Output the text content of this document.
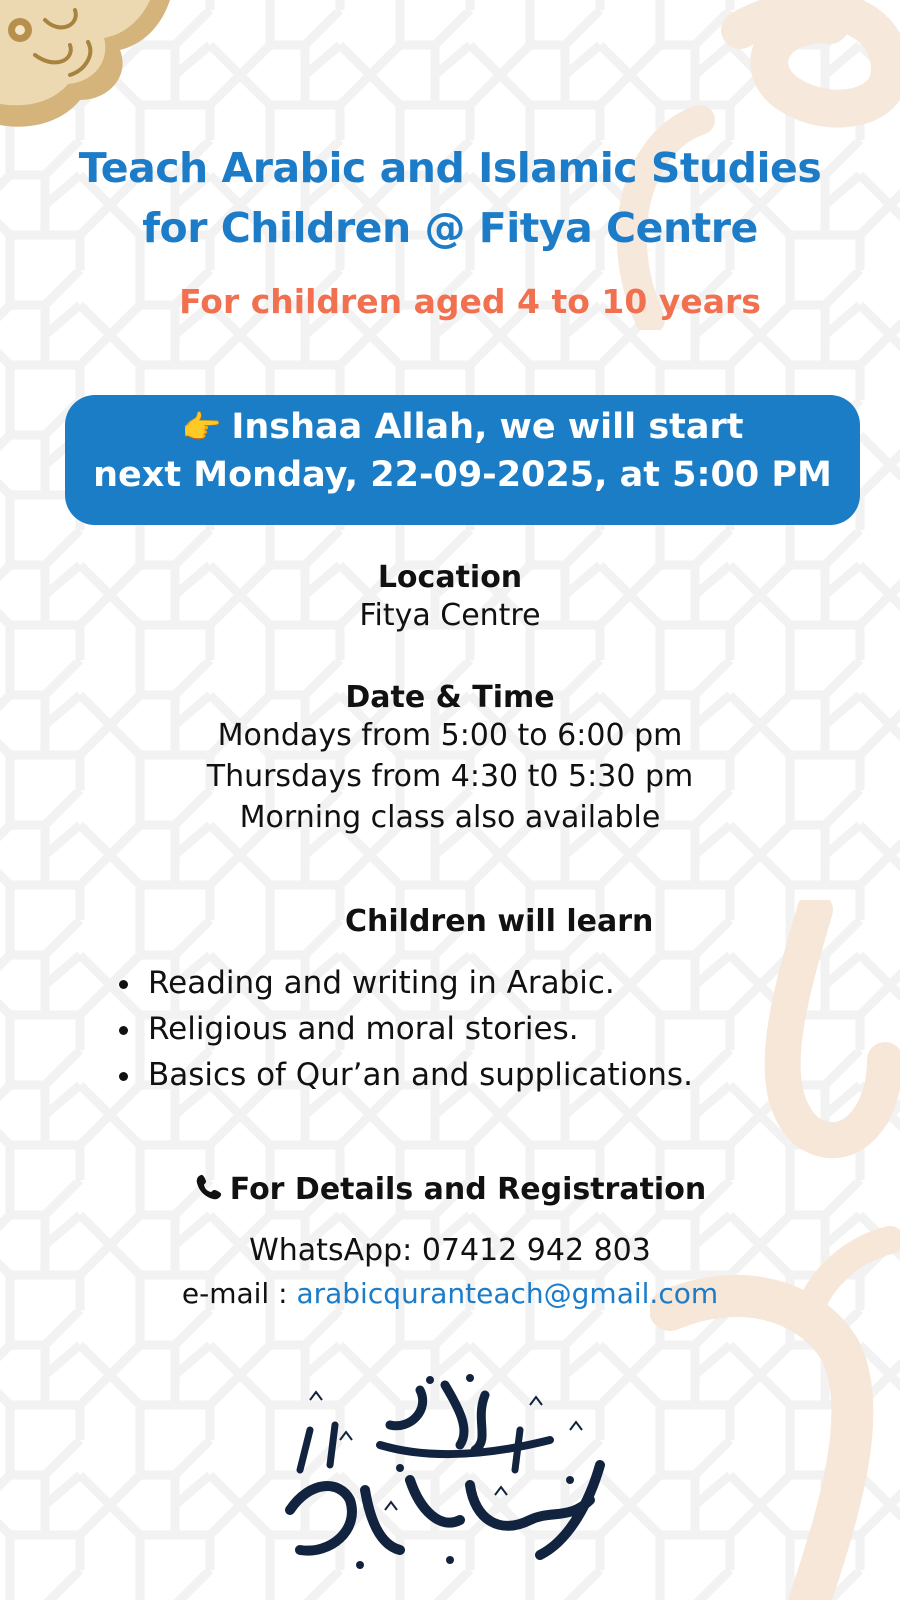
Teach Arabic and Islamic Studies
for Children @ Fitya Centre
For children aged 4 to 10 years
👉 Inshaa Allah, we will start
next Monday, 22-09-2025, at 5:00 PM
Location
Fitya Centre
Date & Time
Mondays from 5:00 to 6:00 pm
Thursdays from 4:30 t0 5:30 pm
Morning class also available
Children will learn
Reading and writing in Arabic.
Religious and moral stories.
Basics of Qur’an and supplications.
For Details and Registration
WhatsApp: 07412 942 803
e-mail : arabicquranteach@gmail.com
